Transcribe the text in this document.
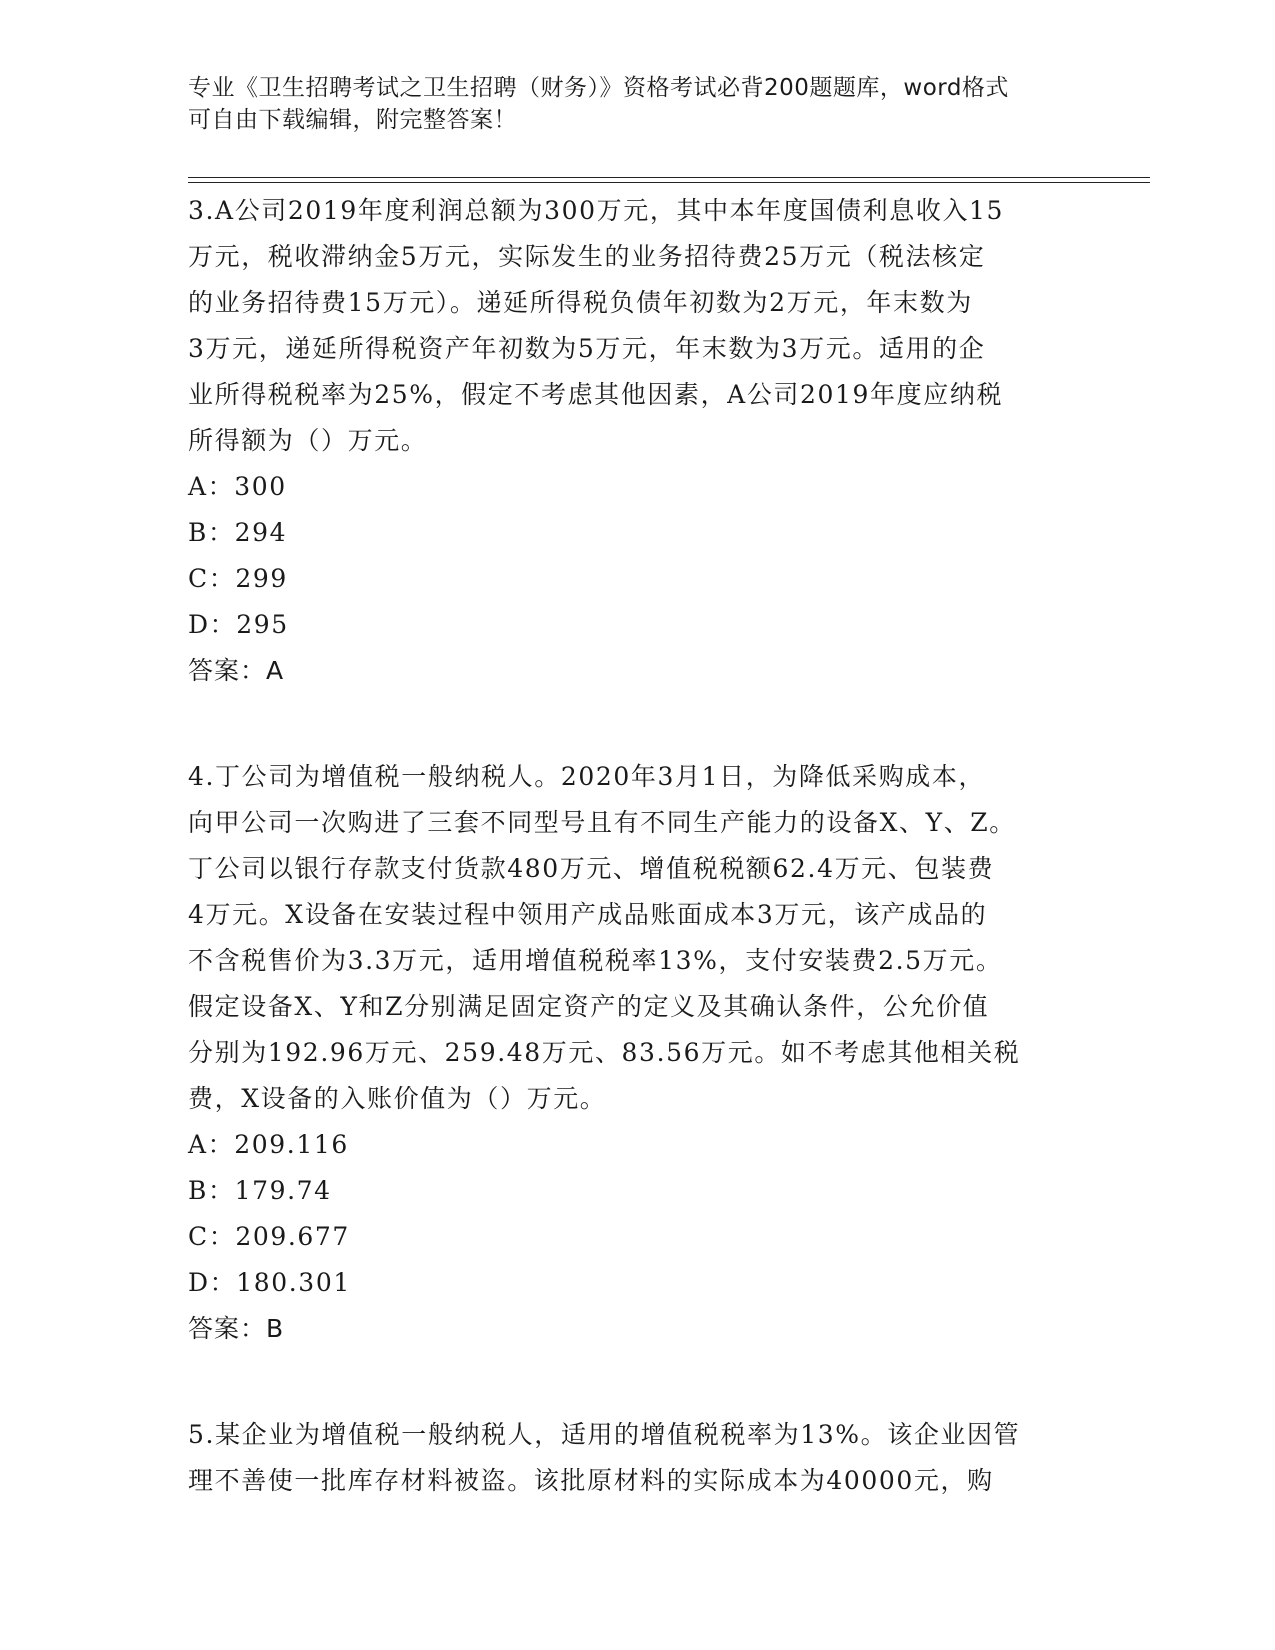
专业《卫生招聘考试之卫生招聘（财务）》资格考试必背200题题库，word格式
可自由下载编辑，附完整答案！
3.A公司2019年度利润总额为300万元，其中本年度国债利息收入15
万元，税收滞纳金5万元，实际发生的业务招待费25万元（税法核定
的业务招待费15万元）。递延所得税负债年初数为2万元，年末数为
3万元，递延所得税资产年初数为5万元，年末数为3万元。适用的企
业所得税税率为25%，假定不考虑其他因素，A公司2019年度应纳税
所得额为（）万元。
A：300
B：294
C：299
D：295
答案：A
4.丁公司为增值税一般纳税人。2020年3月1日，为降低采购成本，
向甲公司一次购进了三套不同型号且有不同生产能力的设备X、Y、Z。
丁公司以银行存款支付货款480万元、增值税税额62.4万元、包装费
4万元。X设备在安装过程中领用产成品账面成本3万元，该产成品的
不含税售价为3.3万元，适用增值税税率13%，支付安装费2.5万元。
假定设备X、Y和Z分别满足固定资产的定义及其确认条件，公允价值
分别为192.96万元、259.48万元、83.56万元。如不考虑其他相关税
费，X设备的入账价值为（）万元。
A：209.116
B：179.74
C：209.677
D：180.301
答案：B
5.某企业为增值税一般纳税人，适用的增值税税率为13%。该企业因管
理不善使一批库存材料被盗。该批原材料的实际成本为40000元，购
